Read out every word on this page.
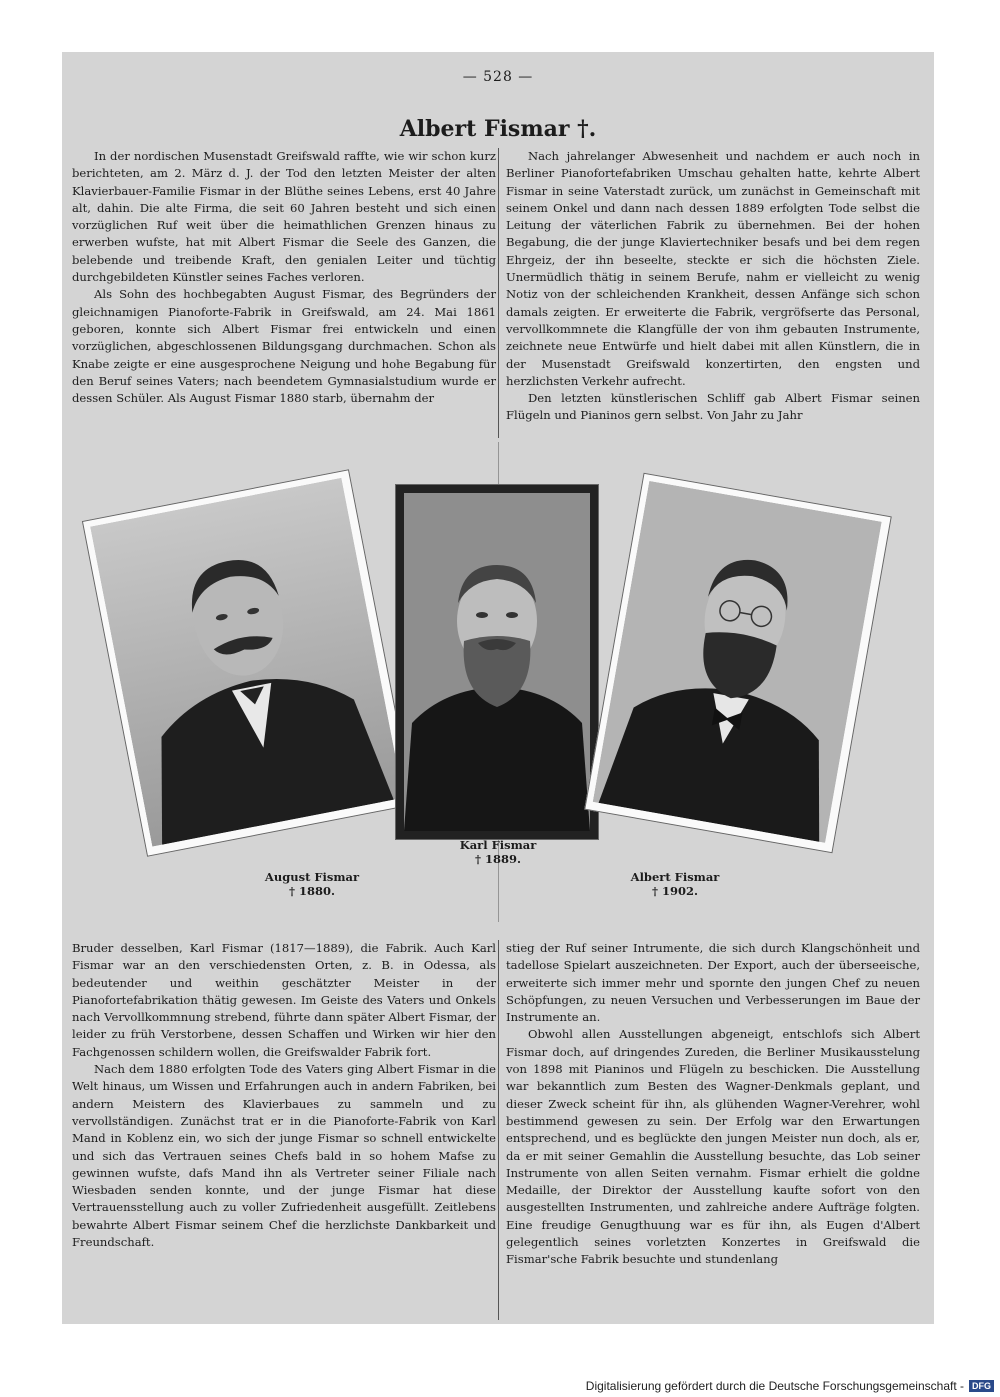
— 528 —
Albert Fismar †.

In der nordischen Musenstadt Greifswald raffte, wie wir schon kurz berichteten, am 2. März d. J. der Tod den letzten Meister der alten Klavierbauer-Familie Fismar in der Blüthe seines Lebens, erst 40 Jahre alt, dahin. Die alte Firma, die seit 60 Jahren besteht und sich einen vorzüglichen Ruf weit über die heimathlichen Grenzen hinaus zu erwerben wufste, hat mit Albert Fismar die Seele des Ganzen, die belebende und treibende Kraft, den genialen Leiter und tüchtig durchgebildeten Künstler seines Faches verloren.

Als Sohn des hochbegabten August Fismar, des Begründers der gleichnamigen Pianoforte-Fabrik in Greifswald, am 24. Mai 1861 geboren, konnte sich Albert Fismar frei entwickeln und einen vorzüglichen, abgeschlossenen Bildungsgang durchmachen. Schon als Knabe zeigte er eine ausgesprochene Neigung und hohe Begabung für den Beruf seines Vaters; nach beendetem Gymnasialstudium wurde er dessen Schüler. Als August Fismar 1880 starb, übernahm der

Nach jahrelanger Abwesenheit und nachdem er auch noch in Berliner Pianofortefabriken Umschau gehalten hatte, kehrte Albert Fismar in seine Vaterstadt zurück, um zunächst in Gemeinschaft mit seinem Onkel und dann nach dessen 1889 erfolgten Tode selbst die Leitung der väterlichen Fabrik zu übernehmen. Bei der hohen Begabung, die der junge Klaviertechniker besafs und bei dem regen Ehrgeiz, der ihn beseelte, steckte er sich die höchsten Ziele. Unermüdlich thätig in seinem Berufe, nahm er vielleicht zu wenig Notiz von der schleichenden Krankheit, dessen Anfänge sich schon damals zeigten. Er erweiterte die Fabrik, vergröfserte das Personal, vervollkommnete die Klangfülle der von ihm gebauten Instrumente, zeichnete neue Entwürfe und hielt dabei mit allen Künstlern, die in der Musenstadt Greifswald konzertirten, den engsten und herzlichsten Verkehr aufrecht.

Den letzten künstlerischen Schliff gab Albert Fismar seinen Flügeln und Pianinos gern selbst. Von Jahr zu Jahr

August Fismar
† 1880.
Karl Fismar
† 1889.
Albert Fismar
† 1902.

Bruder desselben, Karl Fismar (1817—1889), die Fabrik. Auch Karl Fismar war an den verschiedensten Orten, z. B. in Odessa, als bedeutender und weithin geschätzter Meister in der Pianofortefabrikation thätig gewesen. Im Geiste des Vaters und Onkels nach Vervollkommnung strebend, führte dann später Albert Fismar, der leider zu früh Verstorbene, dessen Schaffen und Wirken wir hier den Fachgenossen schildern wollen, die Greifswalder Fabrik fort.

Nach dem 1880 erfolgten Tode des Vaters ging Albert Fismar in die Welt hinaus, um Wissen und Erfahrungen auch in andern Fabriken, bei andern Meistern des Klavierbaues zu sammeln und zu vervollständigen. Zunächst trat er in die Pianoforte-Fabrik von Karl Mand in Koblenz ein, wo sich der junge Fismar so schnell entwickelte und sich das Vertrauen seines Chefs bald in so hohem Mafse zu gewinnen wufste, dafs Mand ihn als Vertreter seiner Filiale nach Wiesbaden senden konnte, und der junge Fismar hat diese Vertrauensstellung auch zu voller Zufriedenheit ausgefüllt. Zeitlebens bewahrte Albert Fismar seinem Chef die herzlichste Dankbarkeit und Freundschaft.

stieg der Ruf seiner Intrumente, die sich durch Klangschönheit und tadellose Spielart auszeichneten. Der Export, auch der überseeische, erweiterte sich immer mehr und spornte den jungen Chef zu neuen Schöpfungen, zu neuen Versuchen und Verbesserungen im Baue der Instrumente an.

Obwohl allen Ausstellungen abgeneigt, entschlofs sich Albert Fismar doch, auf dringendes Zureden, die Berliner Musikausstelung von 1898 mit Pianinos und Flügeln zu beschicken. Die Ausstellung war bekanntlich zum Besten des Wagner-Denkmals geplant, und dieser Zweck scheint für ihn, als glühenden Wagner-Verehrer, wohl bestimmend gewesen zu sein. Der Erfolg war den Erwartungen entsprechend, und es beglückte den jungen Meister nun doch, als er, da er mit seiner Gemahlin die Ausstellung besuchte, das Lob seiner Instrumente von allen Seiten vernahm. Fismar erhielt die goldne Medaille, der Direktor der Ausstellung kaufte sofort von den ausgestellten Instrumenten, und zahlreiche andere Aufträge folgten. Eine freudige Genugthuung war es für ihn, als Eugen d'Albert gelegentlich seines vorletzten Konzertes in Greifswald die Fismar'sche Fabrik besuchte und stundenlang

Digitalisierung gefördert durch die Deutsche Forschungsgemeinschaft - DFG
